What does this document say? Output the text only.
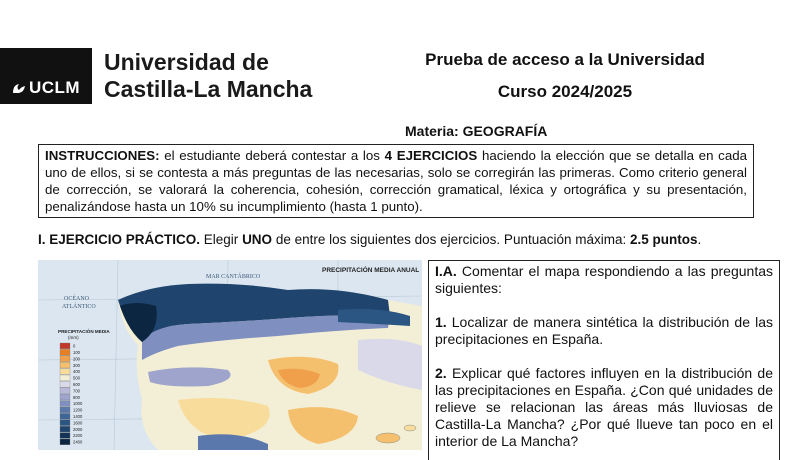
UCLM
Universidad de
Castilla-La Mancha
Prueba de acceso a la Universidad
Curso 2024/2025
Materia: GEOGRAFÍA
INSTRUCCIONES: el estudiante deberá contestar a los 4 EJERCICIOS haciendo la elección que se detalla en cada uno de ellos, si se contesta a más preguntas de las necesarias, solo se corregirán las primeras. Como criterio general de corrección, se valorará la coherencia, cohesión, corrección gramatical, léxica y ortográfica y su presentación, penalizándose hasta un 10% su incumplimiento (hasta 1 punto).
I. EJERCICIO PRÁCTICO. Elegir UNO de entre los siguientes dos ejercicios. Puntuación máxima: 2.5 puntos.
MAR CANTÁBRICO
PRECIPITACIÓN MEDIA ANUAL
OCÉANO
ATLÁNTICO
PRECIPITACIÓN MEDIA
(mm)
0
100
200
300
400
500
600
700
800
1000
1200
1400
1600
2000
2200
2400

I.A. Comentar el mapa respondiendo a las preguntas siguientes:

1. Localizar de manera sintética la distribución de las precipitaciones en España.

2. Explicar qué factores influyen en la distribución de las precipitaciones en España. ¿Con qué unidades de relieve se relacionan las áreas más lluviosas de Castilla-La Mancha? ¿Por qué llueve tan poco en el interior de La Mancha?
